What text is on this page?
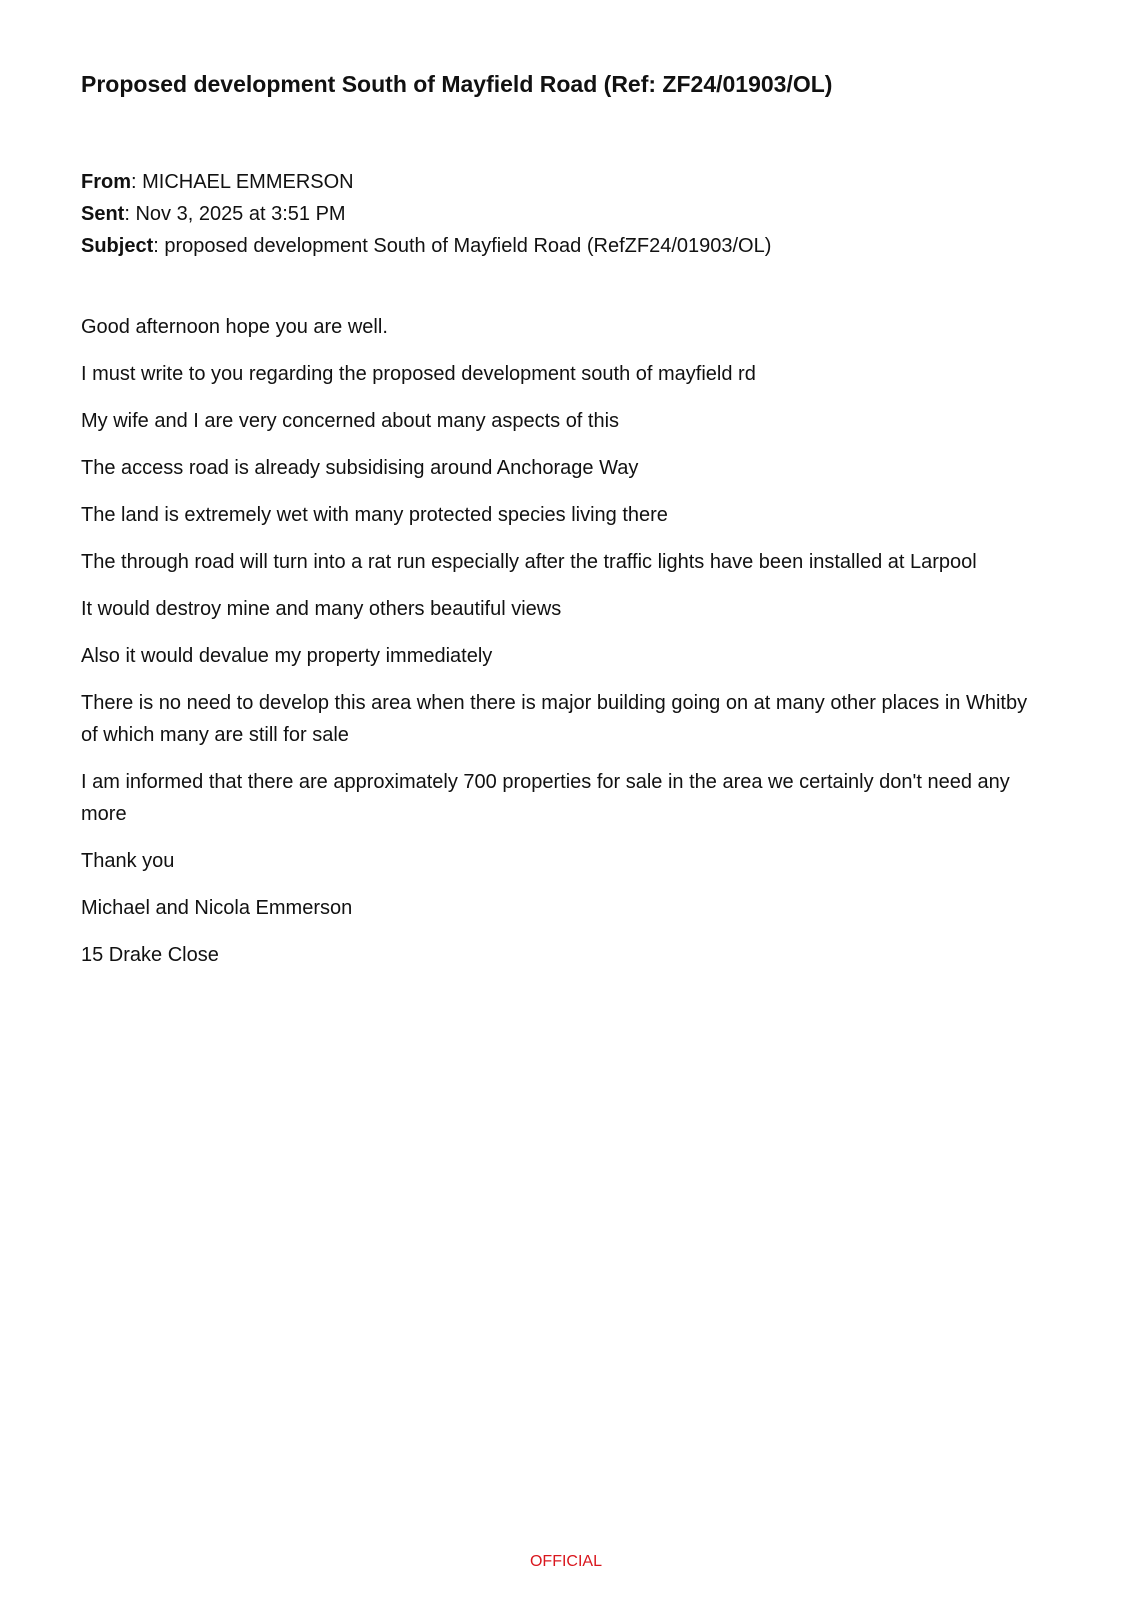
Proposed development South of Mayfield Road (Ref: ZF24/01903/OL)
From: MICHAEL EMMERSON
Sent: Nov 3, 2025 at 3:51 PM
Subject: proposed development South of Mayfield Road (RefZF24/01903/OL)

Good afternoon hope you are well.

I must write to you regarding the proposed development south of mayfield rd

My wife and I are very concerned about many aspects of this

The access road is already subsidising around Anchorage Way

The land is extremely wet with many protected species living there

The through road will turn into a rat run especially after the traffic lights have been installed at Larpool

It would destroy mine and many others beautiful views

Also it would devalue my property immediately

There is no need to develop this area when there is major building going on at many other places in Whitby of which many are still for sale

I am informed that there are approximately 700 properties for sale in the area we certainly don't need any more

Thank you

Michael and Nicola Emmerson

15 Drake Close

OFFICIAL
